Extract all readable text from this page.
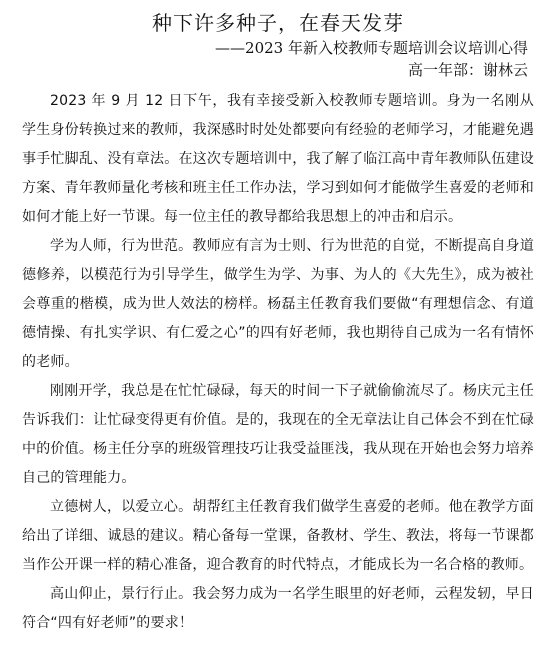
种下许多种子，在春天发芽
——2023 年新入校教师专题培训会议培训心得
高一年部：谢林云

2023 年 9 月 12 日下午，我有幸接受新入校教师专题培训。身为一名刚从学生身份转换过来的教师，我深感时时处处都要向有经验的老师学习，才能避免遇事手忙脚乱、没有章法。在这次专题培训中，我了解了临江高中青年教师队伍建设方案、青年教师量化考核和班主任工作办法，学习到如何才能做学生喜爱的老师和如何才能上好一节课。每一位主任的教导都给我思想上的冲击和启示。

学为人师，行为世范。教师应有言为士则、行为世范的自觉，不断提高自身道德修养，以模范行为引导学生，做学生为学、为事、为人的《大先生》，成为被社会尊重的楷模，成为世人效法的榜样。杨磊主任教育我们要做“有理想信念、有道德情操、有扎实学识、有仁爱之心”的四有好老师，我也期待自己成为一名有情怀的老师。

刚刚开学，我总是在忙忙碌碌，每天的时间一下子就偷偷流尽了。杨庆元主任告诉我们：让忙碌变得更有价值。是的，我现在的全无章法让自己体会不到在忙碌中的价值。杨主任分享的班级管理技巧让我受益匪浅，我从现在开始也会努力培养自己的管理能力。

立德树人，以爱立心。胡帮红主任教育我们做学生喜爱的老师。他在教学方面给出了详细、诚恳的建议。精心备每一堂课，备教材、学生、教法，将每一节课都当作公开课一样的精心准备，迎合教育的时代特点，才能成长为一名合格的教师。

高山仰止，景行行止。我会努力成为一名学生眼里的好老师，云程发轫，早日符合“四有好老师”的要求！
